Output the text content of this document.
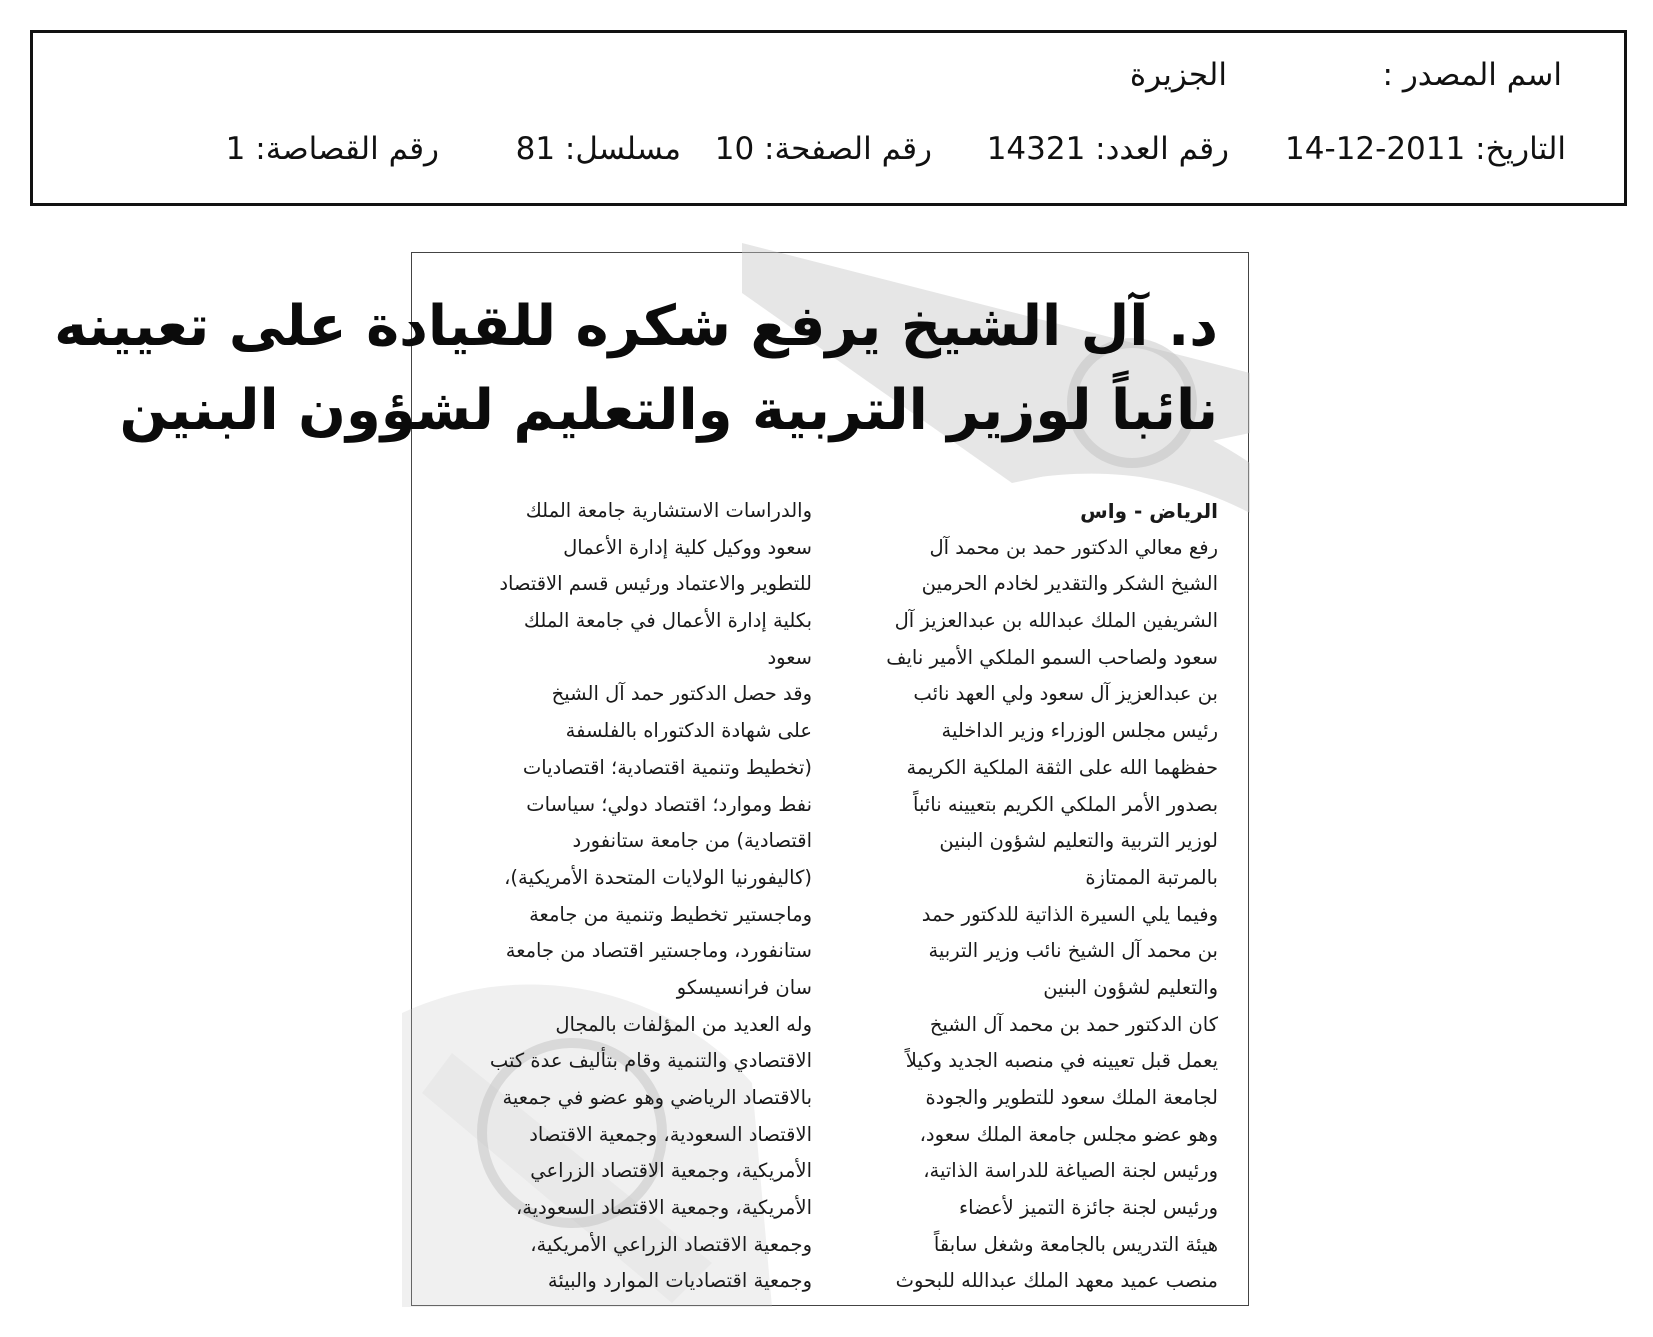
اسم المصدر :
الجزيرة
التاريخ: 2011-12-14
رقم العدد: 14321
رقم الصفحة: 10
مسلسل: 81
رقم القصاصة: 1
د. آل الشيخ يرفع شكره للقيادة على تعيينه
نائباً لوزير التربية والتعليم لشؤون البنين
الرياض - واس
رفع معالي الدكتور حمد بن محمد آل
الشيخ الشكر والتقدير لخادم الحرمين
الشريفين الملك عبدالله بن عبدالعزيز آل
سعود ولصاحب السمو الملكي الأمير نايف
بن عبدالعزيز آل سعود ولي العهد نائب
رئيس مجلس الوزراء وزير الداخلية
حفظهما الله على الثقة الملكية الكريمة
بصدور الأمر الملكي الكريم بتعيينه نائباً
لوزير التربية والتعليم لشؤون البنين
بالمرتبة الممتازة
وفيما يلي السيرة الذاتية للدكتور حمد
بن محمد آل الشيخ نائب وزير التربية
والتعليم لشؤون البنين
كان الدكتور حمد بن محمد آل الشيخ
يعمل قبل تعيينه في منصبه الجديد وكيلاً
لجامعة الملك سعود للتطوير والجودة
وهو عضو مجلس جامعة الملك سعود،
ورئيس لجنة الصياغة للدراسة الذاتية،
ورئيس لجنة جائزة التميز لأعضاء
هيئة التدريس بالجامعة وشغل سابقاً
منصب عميد معهد الملك عبدالله للبحوث
والدراسات الاستشارية جامعة الملك
سعود ووكيل كلية إدارة الأعمال
للتطوير والاعتماد ورئيس قسم الاقتصاد
بكلية إدارة الأعمال في جامعة الملك
سعود
وقد حصل الدكتور حمد آل الشيخ
على شهادة الدكتوراه بالفلسفة
(تخطيط وتنمية اقتصادية؛ اقتصاديات
نفط وموارد؛ اقتصاد دولي؛ سياسات
اقتصادية) من جامعة ستانفورد
(كاليفورنيا الولايات المتحدة الأمريكية)،
وماجستير تخطيط وتنمية من جامعة
ستانفورد، وماجستير اقتصاد من جامعة
سان فرانسيسكو
وله العديد من المؤلفات بالمجال
الاقتصادي والتنمية وقام بتأليف عدة كتب
بالاقتصاد الرياضي وهو عضو في جمعية
الاقتصاد السعودية، وجمعية الاقتصاد
الأمريكية، وجمعية الاقتصاد الزراعي
الأمريكية، وجمعية الاقتصاد السعودية،
وجمعية الاقتصاد الزراعي الأمريكية،
وجمعية اقتصاديات الموارد والبيئة
